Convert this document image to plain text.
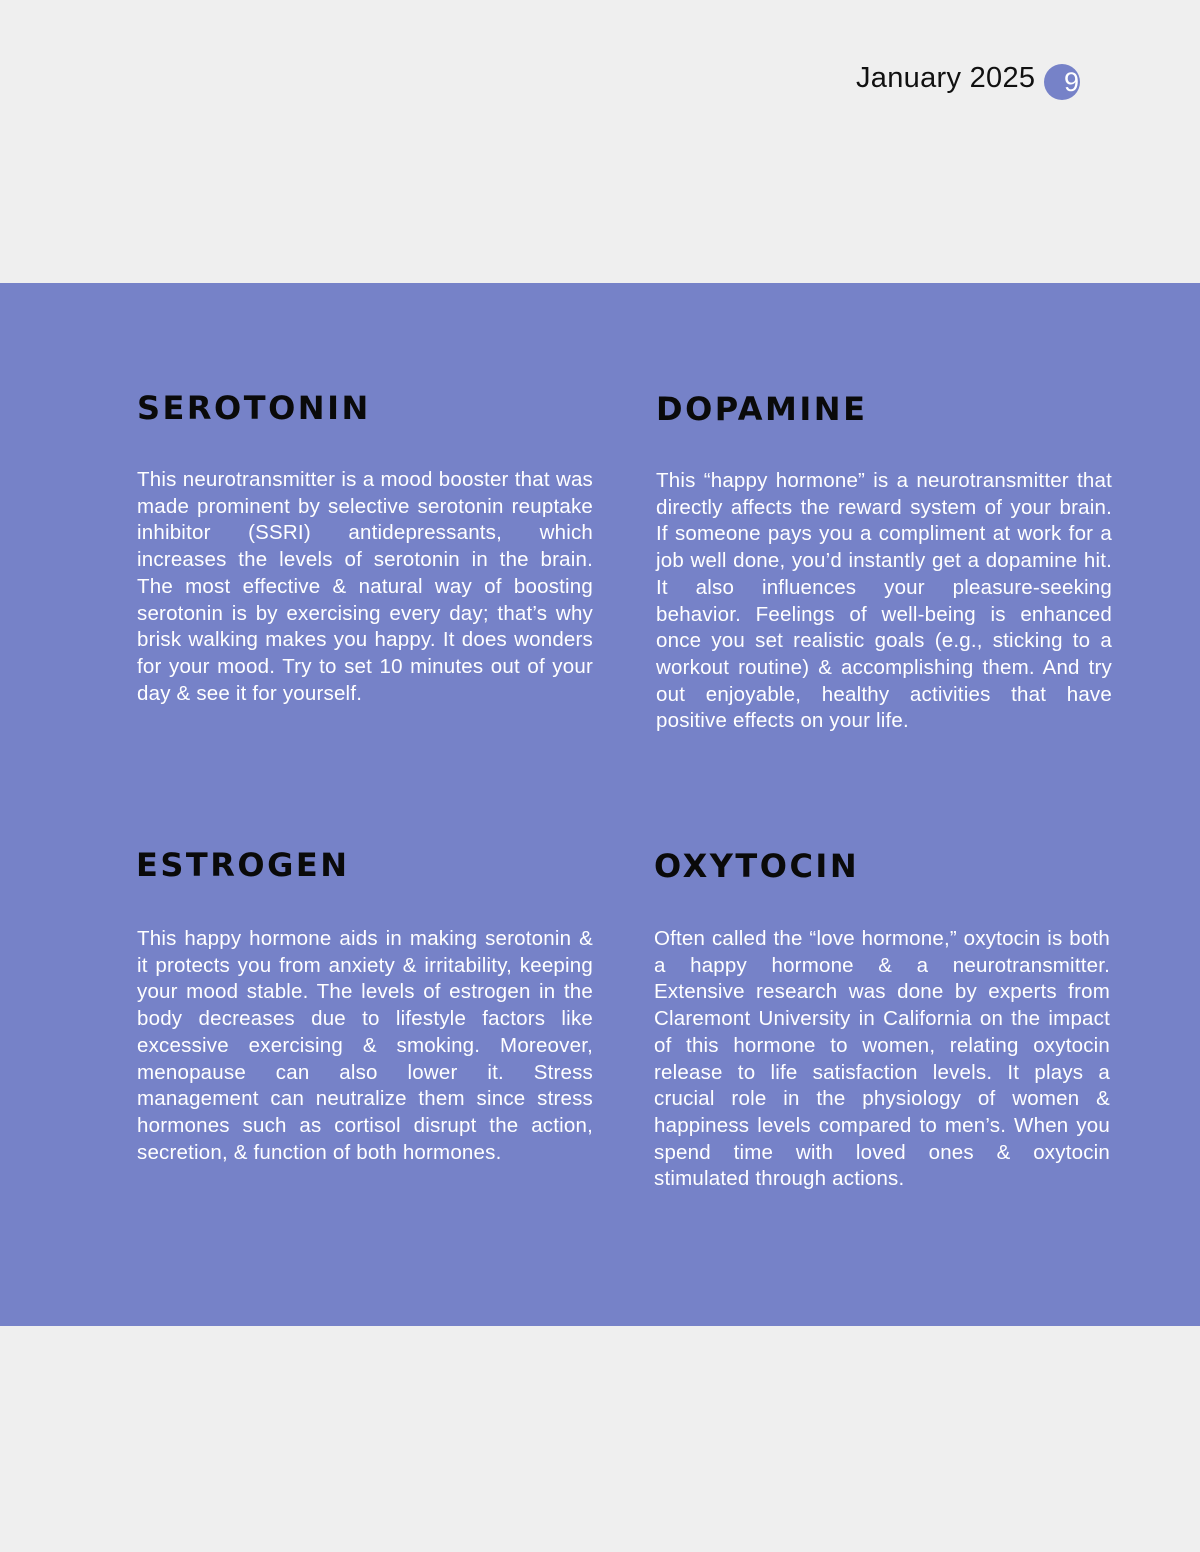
January 2025 9
SEROTONIN

This neurotransmitter is a mood booster that was made prominent by selective serotonin reuptake inhibitor (SSRI) antidepressants, which increases the levels of serotonin in the brain. The most effective & natural way of boosting serotonin is by exercising every day; that’s why brisk walking makes you happy. It does wonders for your mood. Try to set 10 minutes out of your day & see it for yourself.

DOPAMINE

This “happy hormone” is a neurotransmitter that directly affects the reward system of your brain. If someone pays you a compliment at work for a job well done, you’d instantly get a dopamine hit. It also influences your pleasure-seeking behavior. Feelings of well-being is enhanced once you set realistic goals (e.g., sticking to a workout routine) & accomplishing them. And try out enjoyable, healthy activities that have positive effects on your life.

ESTROGEN

This happy hormone aids in making serotonin & it protects you from anxiety & irritability, keeping your mood stable. The levels of estrogen in the body decreases due to lifestyle factors like excessive exercising & smoking. Moreover, menopause can also lower it. Stress management can neutralize them since stress hormones such as cortisol disrupt the action, secretion, & function of both hormones.

OXYTOCIN

Often called the “love hormone,” oxytocin is both a happy hormone & a neurotransmitter. Extensive research was done by experts from Claremont University in California on the impact of this hormone to women, relating oxytocin release to life satisfaction levels. It plays a crucial role in the physiology of women & happiness levels compared to men’s. When you spend time with loved ones & oxytocin stimulated through actions.
